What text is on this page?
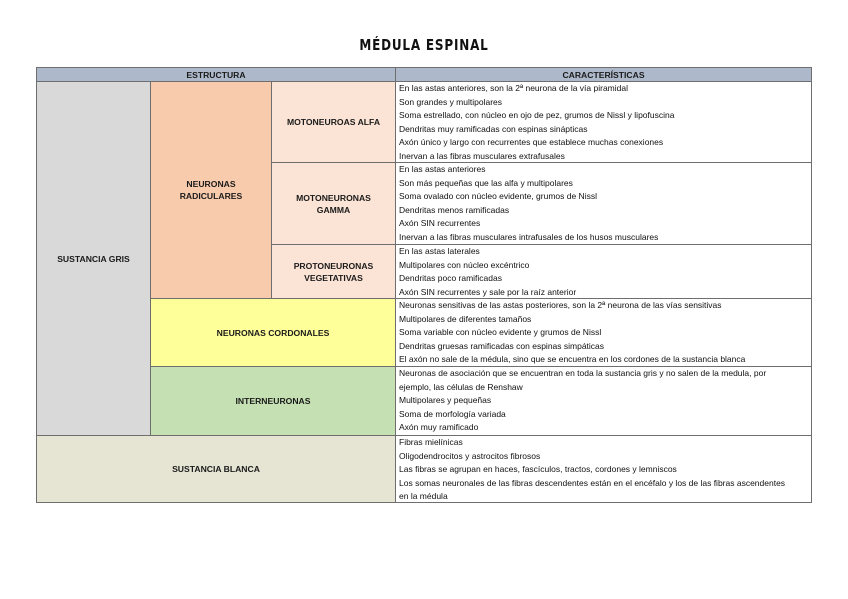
MÉDULA ESPINAL
ESTRUCTURA	CARACTERÍSTICAS
SUSTANCIA GRIS
NEURONAS RADICULARES
MOTONEUROAS ALFA
En las astas anteriores, son la 2ª neurona de la vía piramidal
Son grandes y multipolares
Soma estrellado, con núcleo en ojo de pez, grumos de Nissl y lipofuscina
Dendritas muy ramificadas con espinas sinápticas
Axón único y largo con recurrentes que establece muchas conexiones
Inervan a las fibras musculares extrafusales
MOTONEURONAS GAMMA
En las astas anteriores
Son más pequeñas que las alfa y multipolares
Soma ovalado con núcleo evidente, grumos de Nissl
Dendritas menos ramificadas
Axón SIN recurrentes
Inervan a las fibras musculares intrafusales de los husos musculares
PROTONEURONAS VEGETATIVAS
En las astas laterales
Multipolares con núcleo excéntrico
Dendritas poco ramificadas
Axón SIN recurrentes y sale por la raíz anterior
NEURONAS CORDONALES
Neuronas sensitivas de las astas posteriores, son la 2ª neurona de las vías sensitivas
Multipolares de diferentes tamaños
Soma variable con núcleo evidente y grumos de Nissl
Dendritas gruesas ramificadas con espinas simpáticas
El axón no sale de la médula, sino que se encuentra en los cordones de la sustancia blanca
INTERNEURONAS
Neuronas de asociación que se encuentran en toda la sustancia gris y no salen de la medula, por ejemplo, las células de Renshaw
Multipolares y pequeñas
Soma de morfología variada
Axón muy ramificado
SUSTANCIA BLANCA
Fibras mielínicas
Oligodendrocitos y astrocitos fibrosos
Las fibras se agrupan en haces, fascículos, tractos, cordones y lemniscos
Los somas neuronales de las fibras descendentes están en el encéfalo y los de las fibras ascendentes en la médula
